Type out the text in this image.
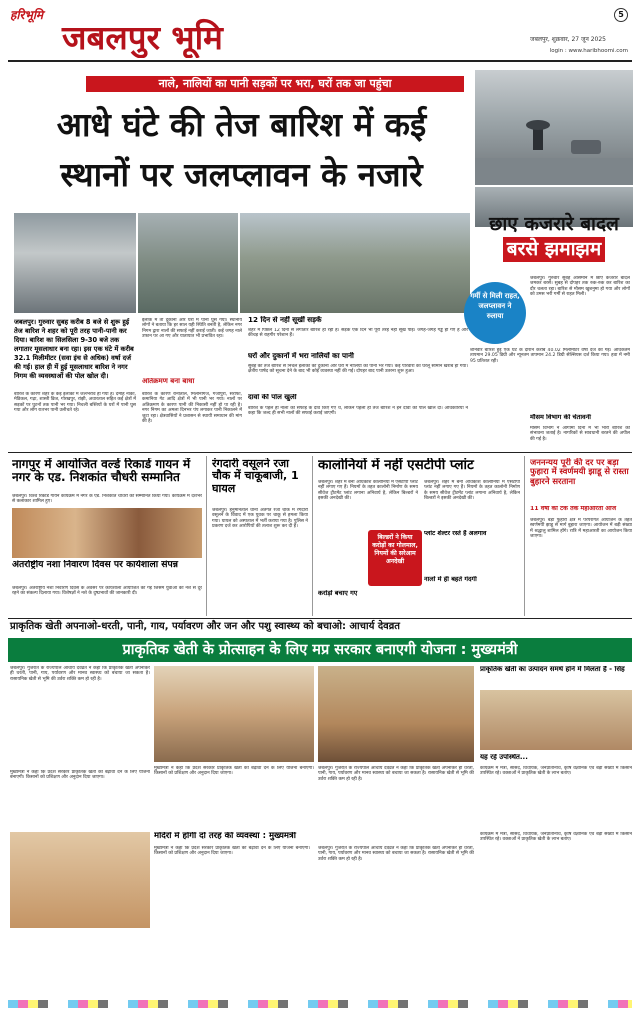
हरिभूमि
जबलपुर भूमि	जबलपुर, शुक्रवार, 27 जून 2025
5
login : www.haribhoomi.com
नाले, नालियों का पानी सड़कों पर भरा, घरों तक जा पहुंचा
आधे घंटे की तेज बारिश में कई
स्थानों पर जलप्लावन के नजारे
जबलपुर। गुरुवार सुबह करीब 8 बजे से शुरू हुई तेज बारिश ने शहर को पूरी तरह पानी-पानी कर दिया। बारिश का सिलसिला 9-30 बजे तक लगातार मूसलाधार बना रहा। इस एक घंटे में करीब 32.1 मिलीमीटर (सवा इंच से अधिक) वर्षा दर्ज की गई। हाल ही में हुई मूसलाधार बारिश ने नगर निगम की व्यवस्थाओं की पोल खोल दी।
बारिश के कारण शहर के कई इलाकों में जलभराव हो गया है। दमोह नाका, मेडिकल, गढ़ा, शास्त्री ब्रिज, गोरखपुर, रांझी, अधारताल सहित कई क्षेत्रों में सड़कों पर घुटनों तक पानी भर गया। निचली बस्तियों के घरों में पानी घुस गया और लोग रातभर पानी उलीचते रहे।
इलाके में तो दुकानों और घरों में पानी घुस गया। स्थानीय लोगों ने बताया कि हर साल यही स्थिति बनती है, लेकिन नगर निगम द्वारा नालों की सफाई नहीं कराई जाती। कई जगह नाले उफान पर आ गए और यातायात भी प्रभावित रहा।
अतिक्रमण बना बाधा
बारिश के कारण रानीताल, मिलोनीगंज, गंजीपुरा, सराफा, कमानिया गेट आदि क्षेत्रों में भी पानी भर गया। नालों पर अतिक्रमण के कारण पानी की निकासी नहीं हो पा रही है। नगर निगम का अमला दिनभर पंप लगाकर पानी निकालने में जुटा रहा। क्षेत्रवासियों ने प्रशासन से स्थायी समाधान की मांग की है।
12 दिन से नहीं सूखीं सड़कें
शहर में पिछले 12 दिनों से लगातार बारिश हो रही है। सड़कें एक दिन भी पूरी तरह नहीं सूख पाईं। जगह-जगह गड्ढे हो गए हैं और कीचड़ से राहगीर परेशान हैं।
घरों और दुकानों में भरा नालियों का पानी
सुबह की तेज बारिश से निचले इलाकों की दुकानों और घरों में नालियों का पानी भर गया। कई परिवारों का घरेलू सामान खराब हो गया। क्षेत्रीय पार्षद को सूचना देने के बाद भी कोई व्यवस्था नहीं की गई। दोपहर बाद पानी उतरना शुरू हुआ।
दावों की पोल खुली
बारिश के पहले ही नालों की सफाई के दावे किए गए थे, लेकिन पहली ही तेज बारिश ने इन दावों की पोल खोल दी। अधिकारियों ने कहा कि जल्द ही सभी नालों की सफाई कराई जाएगी।
छाए कजरारे बादल
बरसे झमाझम
गर्मी से मिली राहत, जलप्लावन ने रुलाया
जबलपुर। गुरुवार सुबह आसमान में छाए कजरारे बादल जमकर बरसे। सुबह से दोपहर तक रुक-रुक कर बारिश का दौर चलता रहा। बारिश से मौसम खुशनुमा हो गया और लोगों को उमस भरी गर्मी से राहत मिली।
शनिवार बारिश हुई एक घंटे के दौरान करीब 40.02 मिलीमीटर वर्षा दर्ज की गई। अधिकतम तापमान 29.05 डिग्री और न्यूनतम तापमान 24.2 डिग्री सेल्सियस दर्ज किया गया। हवा में नमी 95 प्रतिशत रही।
मौसम विभाग की चेतावनी
मौसम विभाग ने आगामी दिनों में भी भारी बारिश की संभावना जताई है। नागरिकों से सावधानी बरतने की अपील की गई है।
नागपुर में आयोजित वर्ल्ड रिकार्ड गायन में नगर के एड. निशकांत चौधरी सम्मानित
जबलपुर। विश्व रिकॉर्ड गायन कार्यक्रम में नगर के एड. निशकांत चौधरी को सम्मानित किया गया। कार्यक्रम में देशभर से कलाकार शामिल हुए।
अंतर्राष्ट्रीय नशा निवारण दिवस पर कार्यशाला संपन्न
जबलपुर। अंतर्राष्ट्रीय नशा निवारण दिवस के अवसर पर कार्यशाला आयोजित की गई जिसमें युवाओं को नशे से दूर रहने का संकल्प दिलाया गया। विशेषज्ञों ने नशे के दुष्प्रभावों की जानकारी दी।
रंगदारी वसूलने रजा चौक में चाकूबाजी, 1 घायल
जबलपुर। हनुमानताल थाना अंतर्गत रजा चौक में रंगदारी वसूलने के विवाद में एक युवक पर चाकू से हमला किया गया। घायल को अस्पताल में भर्ती कराया गया है। पुलिस ने प्रकरण दर्ज कर आरोपियों की तलाश शुरू कर दी है।
कालोनियों में नहीं एसटीपी प्लांट
जबलपुर। शहर में बनी अधिकांश कालोनियों में एसटीपी प्लांट नहीं लगाए गए हैं। नियमों के तहत कालोनी निर्माण के समय सीवेज ट्रीटमेंट प्लांट लगाना अनिवार्य है, लेकिन बिल्डरों ने इसकी अनदेखी की।
बिल्डरों ने किया करोड़ों का गोलमाल, नियमों की सरेआम अनदेखी
करोड़ों बचाए गए
जबलपुर। शहर में बनी अधिकांश कालोनियों में एसटीपी प्लांट नहीं लगाए गए हैं। नियमों के तहत कालोनी निर्माण के समय सीवेज ट्रीटमेंट प्लांट लगाना अनिवार्य है, लेकिन बिल्डरों ने इसकी अनदेखी की।
प्लांट शेल्टर रस्ते हैं अलगाव
नालों में ही बहते गंदगी
जननन्यय पूरी की दर पर बड़ा फुहारा में स्वर्णमयी झाडू से रास्ता बुहारने सरताना
11 वर्षों की टक तक महाआरती आज
जबलपुर। बड़ा फुहारा क्षेत्र में परंपरागत आयोजन के तहत स्वर्णमयी झाडू से मार्ग बुहारा जाएगा। आयोजन में बड़ी संख्या में श्रद्धालु शामिल होंगे। रात्रि में महाआरती का आयोजन किया जाएगा।
प्राकृतिक खेती अपनाओ-धरती, पानी, गाय, पर्यावरण और जन और पशु स्वास्थ्य को बचाओ: आचार्य देवव्रत
प्राकृतिक खेती के प्रोत्साहन के लिए मप्र सरकार बनाएगी योजना : मुख्यमंत्री
जबलपुर। गुजरात के राज्यपाल आचार्य देवव्रत ने कहा कि प्राकृतिक खेती अपनाकर ही धरती, पानी, गाय, पर्यावरण और मानव स्वास्थ्य को बचाया जा सकता है। रासायनिक खेती से भूमि की उर्वरा शक्ति कम हो रही है।
मुख्यमंत्री ने कहा कि प्रदेश सरकार प्राकृतिक खेती को बढ़ावा देने के लिए योजना बनाएगी। किसानों को प्रशिक्षण और अनुदान दिया जाएगा।
मुख्यमंत्री ने कहा कि प्रदेश सरकार प्राकृतिक खेती को बढ़ावा देने के लिए योजना बनाएगी। किसानों को प्रशिक्षण और अनुदान दिया जाएगा।
जबलपुर। गुजरात के राज्यपाल आचार्य देवव्रत ने कहा कि प्राकृतिक खेती अपनाकर ही धरती, पानी, गाय, पर्यावरण और मानव स्वास्थ्य को बचाया जा सकता है। रासायनिक खेती से भूमि की उर्वरा शक्ति कम हो रही है।
प्राकृतिक खेती का उत्पादन समर्थ होने में मिलता है - सिंह
यह रहे उपस्थित...
कार्यक्रम में मंत्री, सांसद, विधायक, जनप्रतिनिधि, कृषि वैज्ञानिक एवं बड़ी संख्या में किसान उपस्थित रहे। वक्ताओं ने प्राकृतिक खेती के लाभ बताए।
मंदिरों में होगी दो तरह की व्यवस्था : मुख्यमंत्री
मुख्यमंत्री ने कहा कि प्रदेश सरकार प्राकृतिक खेती को बढ़ावा देने के लिए योजना बनाएगी। किसानों को प्रशिक्षण और अनुदान दिया जाएगा।
जबलपुर। गुजरात के राज्यपाल आचार्य देवव्रत ने कहा कि प्राकृतिक खेती अपनाकर ही धरती, पानी, गाय, पर्यावरण और मानव स्वास्थ्य को बचाया जा सकता है। रासायनिक खेती से भूमि की उर्वरा शक्ति कम हो रही है।
कार्यक्रम में मंत्री, सांसद, विधायक, जनप्रतिनिधि, कृषि वैज्ञानिक एवं बड़ी संख्या में किसान उपस्थित रहे। वक्ताओं ने प्राकृतिक खेती के लाभ बताए।
